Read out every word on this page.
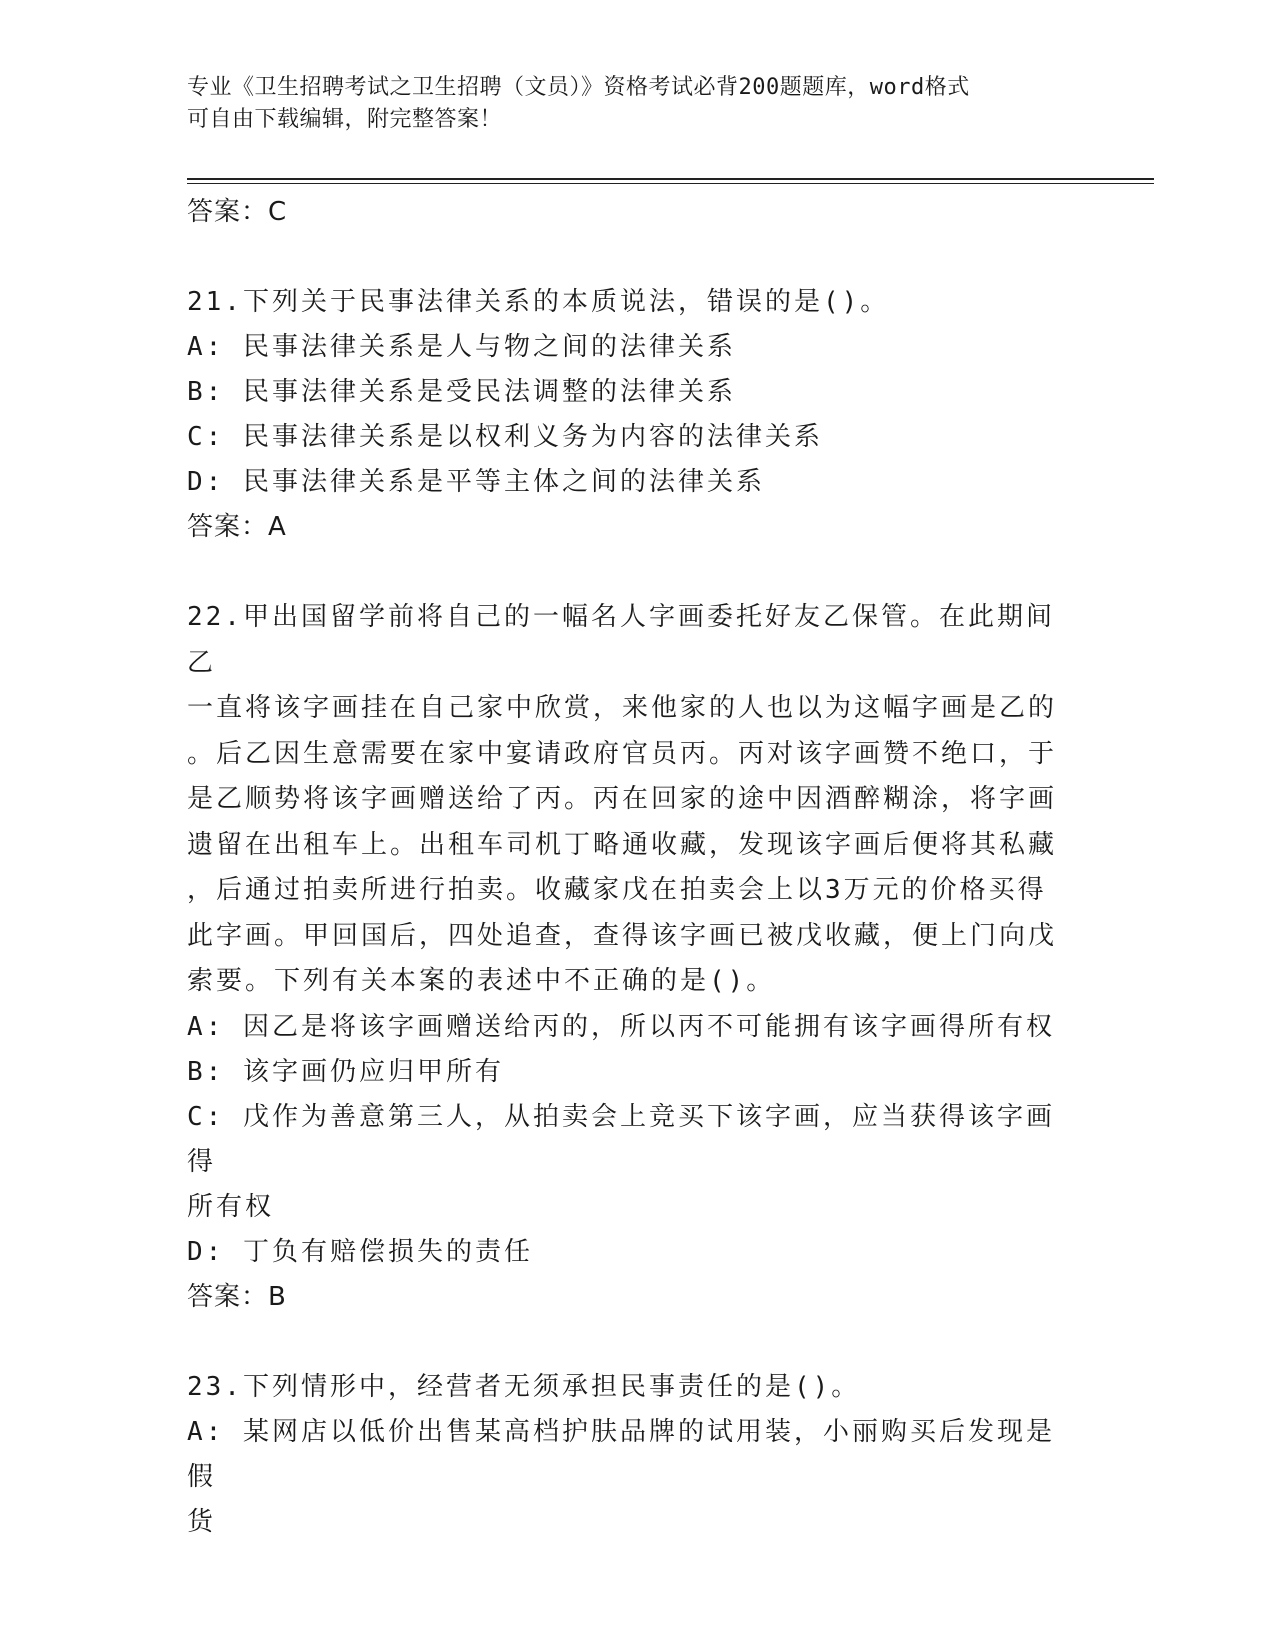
专业《卫生招聘考试之卫生招聘（文员）》资格考试必背200题题库，word格式
可自由下载编辑，附完整答案！
答案：C
21.下列关于民事法律关系的本质说法，错误的是()。
A: 民事法律关系是人与物之间的法律关系
B: 民事法律关系是受民法调整的法律关系
C: 民事法律关系是以权利义务为内容的法律关系
D: 民事法律关系是平等主体之间的法律关系
答案：A
22.甲出国留学前将自己的一幅名人字画委托好友乙保管。在此期间乙
一直将该字画挂在自己家中欣赏，来他家的人也以为这幅字画是乙的
。后乙因生意需要在家中宴请政府官员丙。丙对该字画赞不绝口，于
是乙顺势将该字画赠送给了丙。丙在回家的途中因酒醉糊涂，将字画
遗留在出租车上。出租车司机丁略通收藏，发现该字画后便将其私藏
，后通过拍卖所进行拍卖。收藏家戊在拍卖会上以3万元的价格买得
此字画。甲回国后，四处追查，查得该字画已被戊收藏，便上门向戊
索要。下列有关本案的表述中不正确的是()。
A: 因乙是将该字画赠送给丙的，所以丙不可能拥有该字画得所有权
B: 该字画仍应归甲所有
C: 戊作为善意第三人，从拍卖会上竞买下该字画，应当获得该字画得
所有权
D: 丁负有赔偿损失的责任
答案：B
23.下列情形中，经营者无须承担民事责任的是()。
A: 某网店以低价出售某高档护肤品牌的试用装，小丽购买后发现是假
货
